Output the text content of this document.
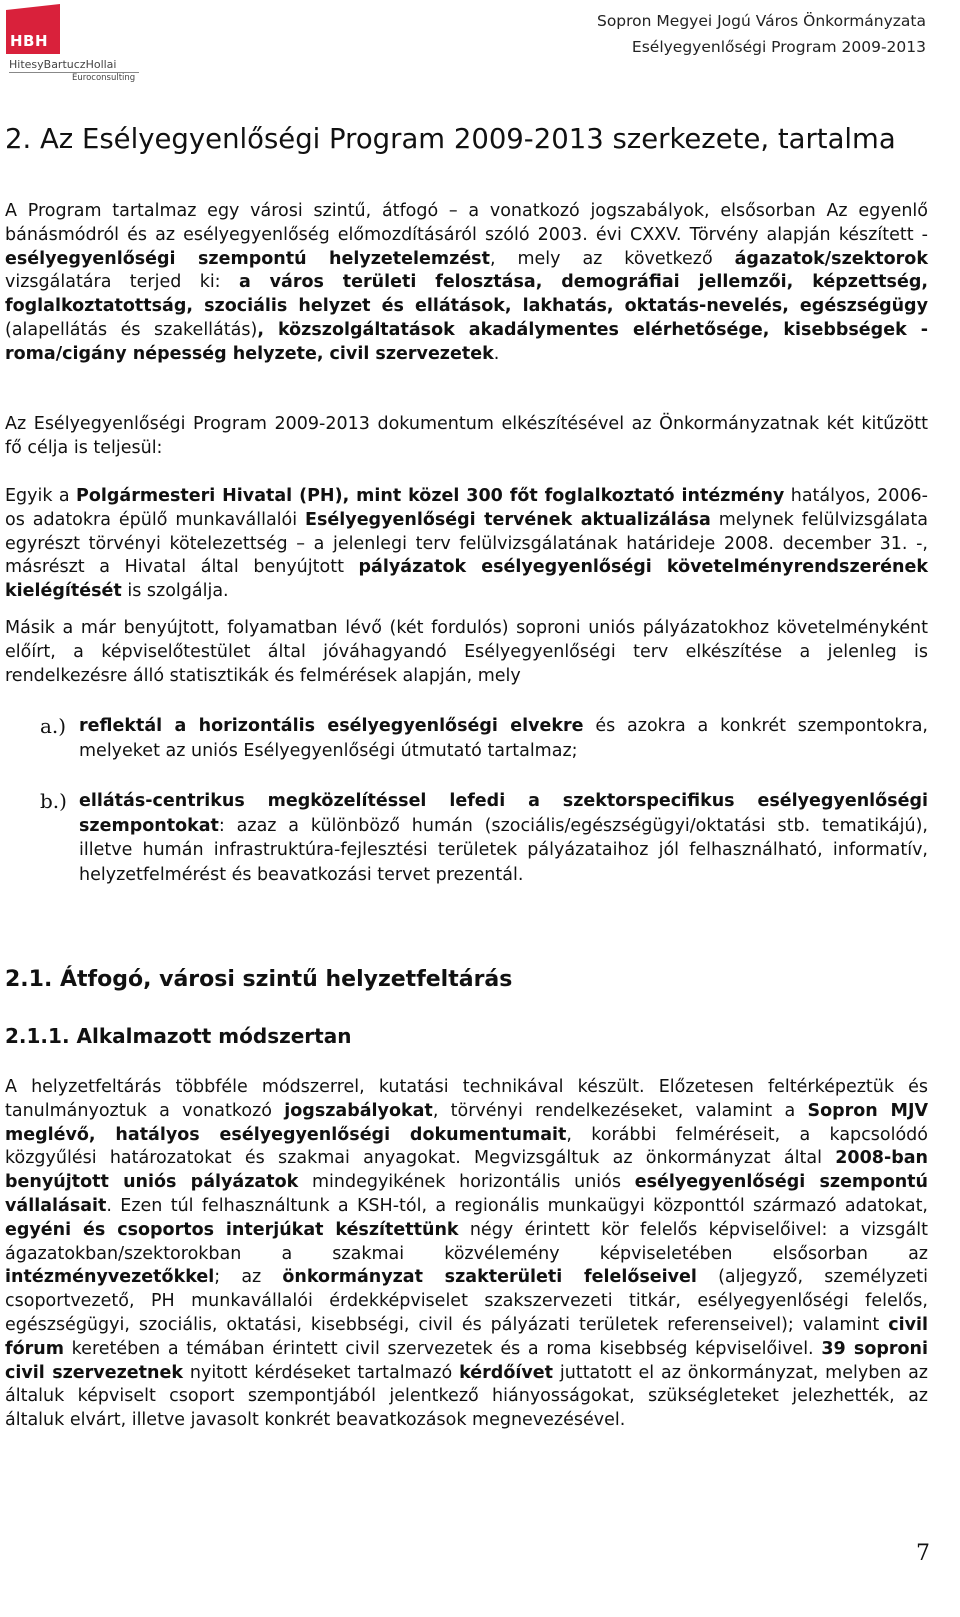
HBH
HitesyBartuczHollai
Euroconsulting
Sopron Megyei Jogú Város Önkormányzata
Esélyegyenlőségi Program 2009-2013
2. Az Esélyegyenlőségi Program 2009-2013 szerkezete, tartalma

A Program tartalmaz egy városi szintű, átfogó – a vonatkozó jogszabályok, elsősorban Az egyenlő bánásmódról és az esélyegyenlőség előmozdításáról szóló 2003. évi CXXV. Törvény alapján készített - esélyegyenlőségi szempontú helyzetelemzést, mely az következő ágazatok/szektorok vizsgálatára terjed ki: a város területi felosztása, demográfiai jellemzői, képzettség, foglalkoztatottság, szociális helyzet és ellátások, lakhatás, oktatás-nevelés, egészségügy (alapellátás és szakellátás), közszolgáltatások akadálymentes elérhetősége, kisebbségek - roma/cigány népesség helyzete, civil szervezetek.

Az Esélyegyenlőségi Program 2009-2013 dokumentum elkészítésével az Önkormányzatnak két kitűzött fő célja is teljesül:

Egyik a Polgármesteri Hivatal (PH), mint közel 300 főt foglalkoztató intézmény hatályos, 2006-os adatokra épülő munkavállalói Esélyegyenlőségi tervének aktualizálása melynek felülvizsgálata egyrészt törvényi kötelezettség – a jelenlegi terv felülvizsgálatának határideje 2008. december 31. -, másrészt a Hivatal által benyújtott pályázatok esélyegyenlőségi követelményrendszerének kielégítését is szolgálja.

Másik a már benyújtott, folyamatban lévő (két fordulós) soproni uniós pályázatokhoz követelményként előírt, a képviselőtestület által jóváhagyandó Esélyegyenlőségi terv elkészítése a jelenleg is rendelkezésre álló statisztikák és felmérések alapján, mely

a.) reflektál a horizontális esélyegyenlőségi elvekre és azokra a konkrét szempontokra, melyeket az uniós Esélyegyenlőségi útmutató tartalmaz;
b.) ellátás-centrikus megközelítéssel lefedi a szektorspecifikus esélyegyenlőségi szempontokat: azaz a különböző humán (szociális/egészségügyi/oktatási stb. tematikájú), illetve humán infrastruktúra-fejlesztési területek pályázataihoz jól felhasználható, informatív, helyzetfelmérést és beavatkozási tervet prezentál.
2.1. Átfogó, városi szintű helyzetfeltárás
2.1.1. Alkalmazott módszertan

A helyzetfeltárás többféle módszerrel, kutatási technikával készült. Előzetesen feltérképeztük és tanulmányoztuk a vonatkozó jogszabályokat, törvényi rendelkezéseket, valamint a Sopron MJV meglévő, hatályos esélyegyenlőségi dokumentumait, korábbi felméréseit, a kapcsolódó közgyűlési határozatokat és szakmai anyagokat. Megvizsgáltuk az önkormányzat által 2008-ban benyújtott uniós pályázatok mindegyikének horizontális uniós esélyegyenlőségi szempontú vállalásait. Ezen túl felhasználtunk a KSH-tól, a regionális munkaügyi központtól származó adatokat, egyéni és csoportos interjúkat készítettünk négy érintett kör felelős képviselőivel: a vizsgált ágazatokban/szektorokban a szakmai közvélemény képviseletében elsősorban az intézményvezetőkkel; az önkormányzat szakterületi felelőseivel (aljegyző, személyzeti csoportvezető, PH munkavállalói érdekképviselet szakszervezeti titkár, esélyegyenlőségi felelős, egészségügyi, szociális, oktatási, kisebbségi, civil és pályázati területek referenseivel); valamint civil fórum keretében a témában érintett civil szervezetek és a roma kisebbség képviselőivel. 39 soproni civil szervezetnek nyitott kérdéseket tartalmazó kérdőívet juttatott el az önkormányzat, melyben az általuk képviselt csoport szempontjából jelentkező hiányosságokat, szükségleteket jelezhették, az általuk elvárt, illetve javasolt konkrét beavatkozások megnevezésével.

7
